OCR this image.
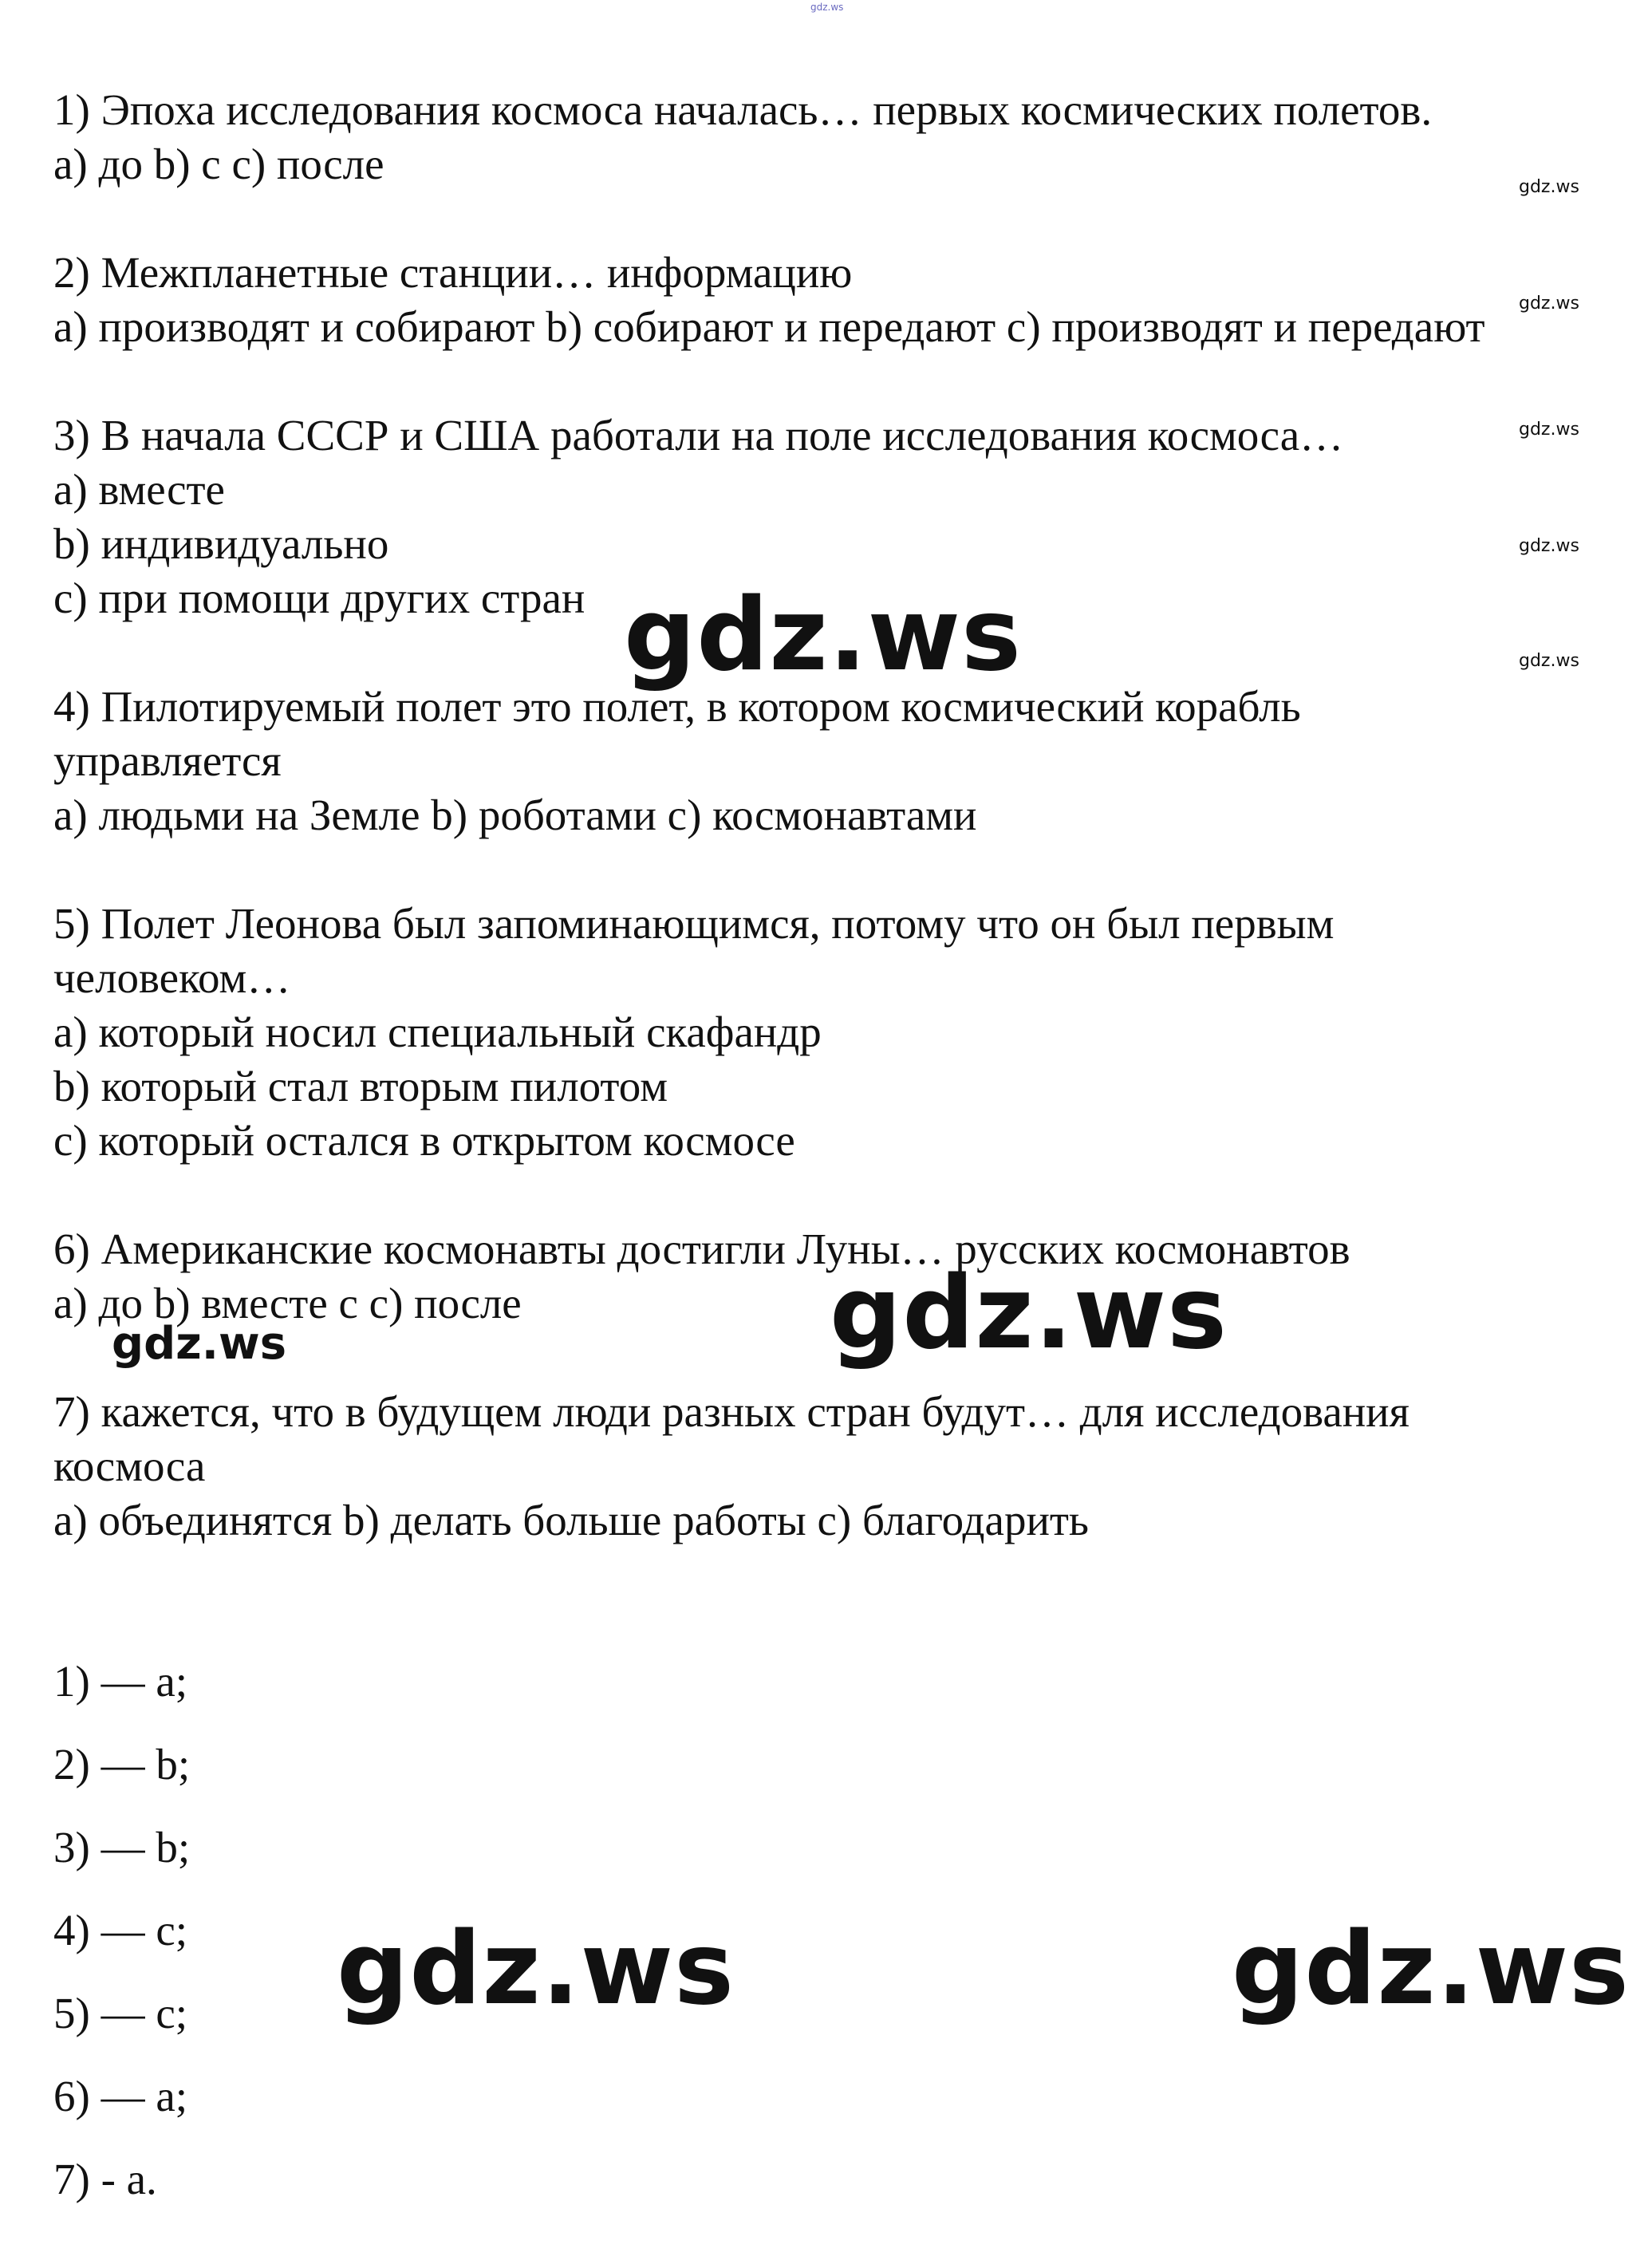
gdz.ws
1) Эпоха исследования космоса началась… первых космических полетов.
a) до b) с c) после
2) Межпланетные станции… информацию
a) производят и собирают b) собирают и передают c) производят и передают
3) В начала СССР и США работали на поле исследования космоса…
a) вместе
b) индивидуально
c) при помощи других стран
4) Пилотируемый полет это полет, в котором космический корабль
управляется
a) людьми на Земле b) роботами c) космонавтами
5) Полет Леонова был запоминающимся, потому что он был первым
человеком…
a) который носил специальный скафандр
b) который стал вторым пилотом
c) который остался в открытом космосе
6) Американские космонавты достигли Луны… русских космонавтов
a) до b) вместе с c) после
7) кажется, что в будущем люди разных стран будут… для исследования
космоса
a) объединятся b) делать больше работы c) благодарить
1) — a;
2) — b;
3) — b;
4) — c;
5) — c;
6) — a;
7) - a.
gdz.ws
gdz.ws
gdz.ws
gdz.ws
gdz.ws
gdz.ws
gdz.ws
gdz.ws
gdz.ws	gdz.ws
